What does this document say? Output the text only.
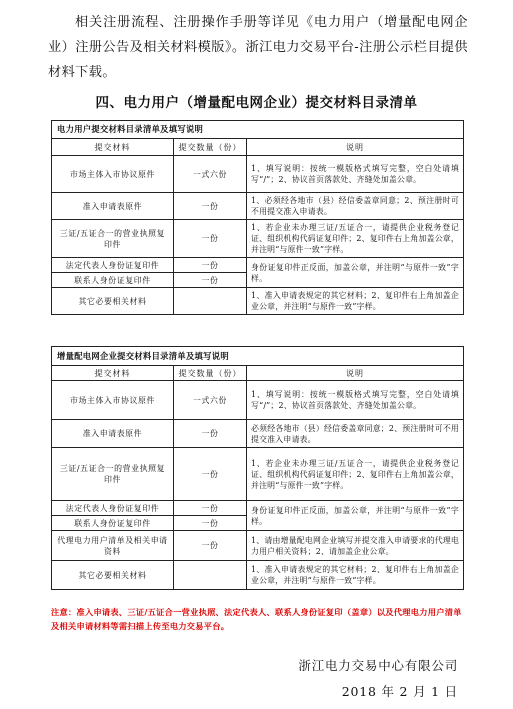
相关注册流程、注册操作手册等详见《电力用户（增量配电网企业）注册公告及相关材料模版》。浙江电力交易平台-注册公示栏目提供材料下载。

四、电力用户（增量配电网企业）提交材料目录清单
电力用户提交材料目录清单及填写说明		
提交材料	提交数量（份）	说明
市场主体入市协议原件	一式六份	1、填写说明：按统一模版格式填写完整，空白处请填写“/”；2、协议首页落款处、齐缝处加盖公章。
准入申请表原件	一份	1、必须经各地市（县）经信委盖章同意；2、预注册时可不用提交准入申请表。
三证/五证合一的营业执照复印件	一份	1、若企业未办理三证/五证合一，请提供企业税务登记证、组织机构代码证复印件；2、复印件右上角加盖公章，并注明“与原件一致”字样。
法定代表人身份证复印件	一份	身份证复印件正反面，加盖公章，并注明“与原件一致”字样。
联系人身份证复印件	一份	
其它必要相关材料		1、准入申请表规定的其它材料；2、复印件右上角加盖企业公章，并注明“与原件一致”字样。
增量配电网企业提交材料目录清单及填写说明		
提交材料	提交数量（份）	说明
市场主体入市协议原件	一式六份	1、填写说明：按统一模版格式填写完整，空白处请填写“/”；2、协议首页落款处、齐缝处加盖公章。
准入申请表原件	一份	必须经各地市（县）经信委盖章同意；2、预注册时可不用提交准入申请表。
三证/五证合一的营业执照复印件	一份	1、若企业未办理三证/五证合一，请提供企业税务登记证、组织机构代码证复印件；2、复印件右上角加盖公章，并注明“与原件一致”字样。
法定代表人身份证复印件	一份	身份证复印件正反面，加盖公章，并注明“与原件一致”字样。
联系人身份证复印件	一份	
代理电力用户清单及相关申请资料	一份	1、请由增量配电网企业填写并提交准入申请要求的代理电力用户相关资料；2、请加盖企业公章。
其它必要相关材料		1、准入申请表规定的其它材料；2、复印件右上角加盖企业公章，并注明“与原件一致”字样。

注意：准入申请表、三证/五证合一营业执照、法定代表人、联系人身份证复印（盖章）以及代理电力用户清单及相关申请材料等需扫描上传至电力交易平台。

浙江电力交易中心有限公司
2018 年 2 月 1 日
